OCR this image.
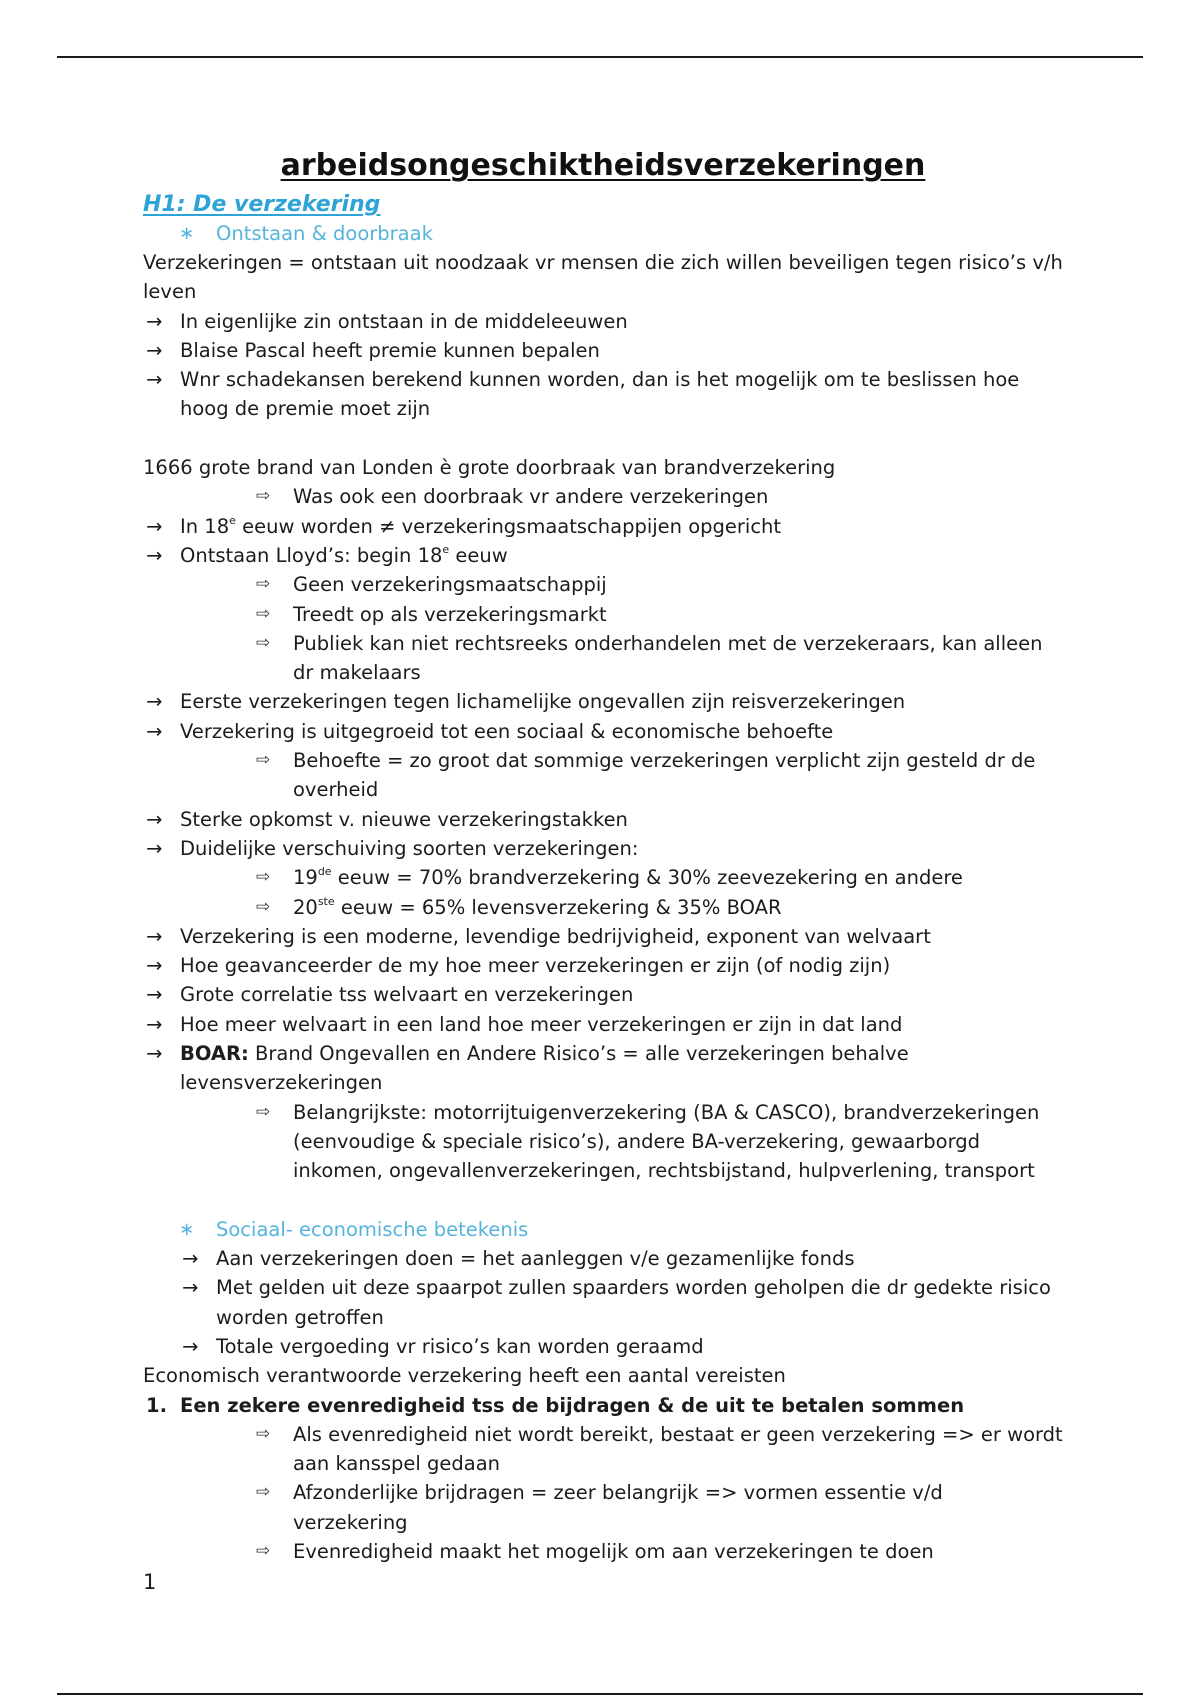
arbeidsongeschiktheidsverzekeringen
H1: De verzekering
∗ Ontstaan & doorbraak
Verzekeringen = ontstaan uit noodzaak vr mensen die zich willen beveiligen tegen risico’s v/h
leven
→ In eigenlijke zin ontstaan in de middeleeuwen
→ Blaise Pascal heeft premie kunnen bepalen
→ Wnr schadekansen berekend kunnen worden, dan is het mogelijk om te beslissen hoe
hoog de premie moet zijn
1666 grote brand van Londen è grote doorbraak van brandverzekering
⇨ Was ook een doorbraak vr andere verzekeringen
→ In 18e eeuw worden ≠ verzekeringsmaatschappijen opgericht
→ Ontstaan Lloyd’s: begin 18e eeuw
⇨ Geen verzekeringsmaatschappij
⇨ Treedt op als verzekeringsmarkt
⇨ Publiek kan niet rechtsreeks onderhandelen met de verzekeraars, kan alleen
dr makelaars
→ Eerste verzekeringen tegen lichamelijke ongevallen zijn reisverzekeringen
→ Verzekering is uitgegroeid tot een sociaal & economische behoefte
⇨ Behoefte = zo groot dat sommige verzekeringen verplicht zijn gesteld dr de
overheid
→ Sterke opkomst v. nieuwe verzekeringstakken
→ Duidelijke verschuiving soorten verzekeringen:
⇨ 19de eeuw = 70% brandverzekering & 30% zeevezekering en andere
⇨ 20ste eeuw = 65% levensverzekering & 35% BOAR
→ Verzekering is een moderne, levendige bedrijvigheid, exponent van welvaart
→ Hoe geavanceerder de my hoe meer verzekeringen er zijn (of nodig zijn)
→ Grote correlatie tss welvaart en verzekeringen
→ Hoe meer welvaart in een land hoe meer verzekeringen er zijn in dat land
→ BOAR: Brand Ongevallen en Andere Risico’s = alle verzekeringen behalve
levensverzekeringen
⇨ Belangrijkste: motorrijtuigenverzekering (BA & CASCO), brandverzekeringen
(eenvoudige & speciale risico’s), andere BA-verzekering, gewaarborgd
inkomen, ongevallenverzekeringen, rechtsbijstand, hulpverlening, transport
∗ Sociaal- economische betekenis
→ Aan verzekeringen doen = het aanleggen v/e gezamenlijke fonds
→ Met gelden uit deze spaarpot zullen spaarders worden geholpen die dr gedekte risico
worden getroffen
→ Totale vergoeding vr risico’s kan worden geraamd
Economisch verantwoorde verzekering heeft een aantal vereisten
1. Een zekere evenredigheid tss de bijdragen & de uit te betalen sommen
⇨ Als evenredigheid niet wordt bereikt, bestaat er geen verzekering => er wordt
aan kansspel gedaan
⇨ Afzonderlijke brijdragen = zeer belangrijk => vormen essentie v/d verzekering
⇨ Evenredigheid maakt het mogelijk om aan verzekeringen te doen
1
